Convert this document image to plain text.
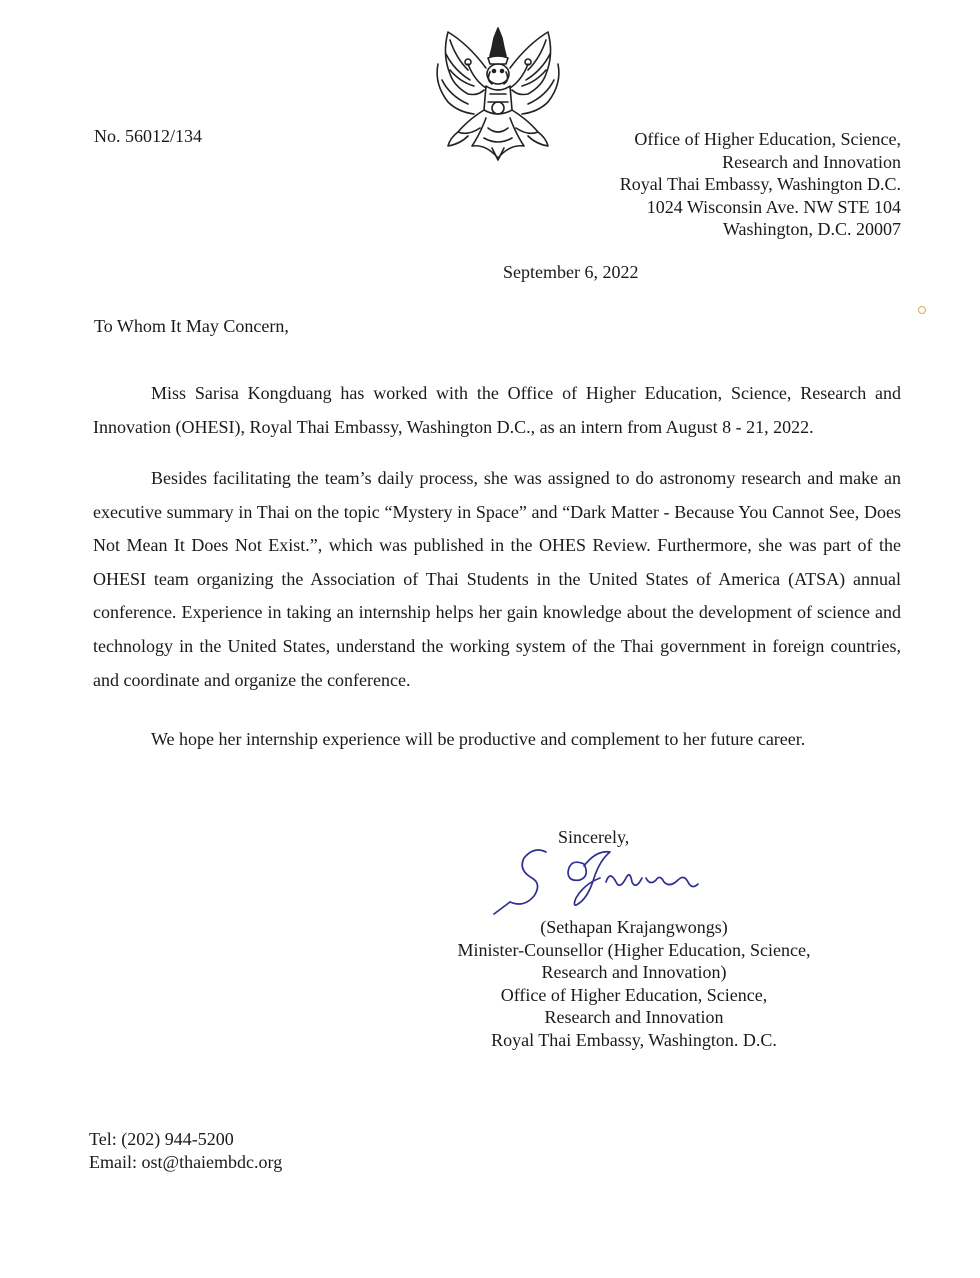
No. 56012/134	Office of Higher Education, Science,
Research and Innovation
Royal Thai Embassy, Washington D.C.
1024 Wisconsin Ave. NW STE 104
Washington, D.C. 20007
September 6, 2022
To Whom It May Concern,

Miss Sarisa Kongduang has worked with the Office of Higher Education, Science, Research and Innovation (OHESI), Royal Thai Embassy, Washington D.C., as an intern from August 8 - 21, 2022.

Besides facilitating the team’s daily process, she was assigned to do astronomy research and make an executive summary in Thai on the topic “Mystery in Space” and “Dark Matter - Because You Cannot See, Does Not Mean It Does Not Exist.”, which was published in the OHES Review. Furthermore, she was part of the OHESI team organizing the Association of Thai Students in the United States of America (ATSA) annual conference. Experience in taking an internship helps her gain knowledge about the development of science and technology in the United States, understand the working system of the Thai government in foreign countries, and coordinate and organize the conference.

We hope her internship experience will be productive and complement to her future career.

Sincerely,
(Sethapan Krajangwongs)
Minister-Counsellor (Higher Education, Science,
Research and Innovation)
Office of Higher Education, Science,
Research and Innovation
Royal Thai Embassy, Washington. D.C.
Tel: (202) 944-5200
Email: ost@thaiembdc.org
